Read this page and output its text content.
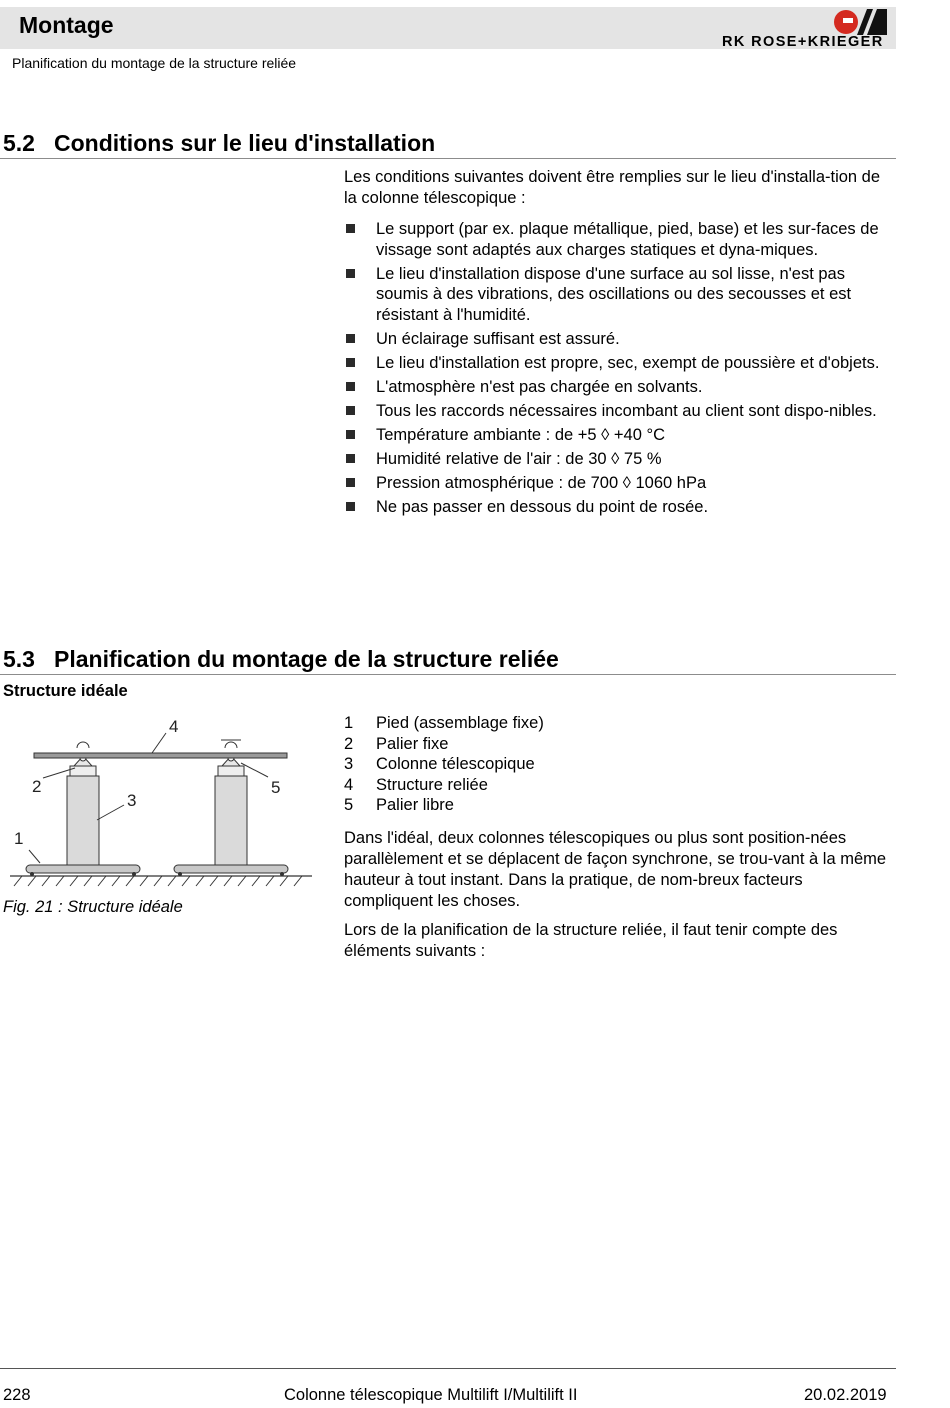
Montage
Planification du montage de la structure reliée
RK ROSE+KRIEGER
5.2 Conditions sur le lieu d'installation
Les conditions suivantes doivent être remplies sur le lieu d'installa-tion de la colonne télescopique :
Le support (par ex. plaque métallique, pied, base) et les sur-faces de vissage sont adaptés aux charges statiques et dyna-miques.
Le lieu d'installation dispose d'une surface au sol lisse, n'est pas soumis à des vibrations, des oscillations ou des secousses et est résistant à l'humidité.
Un éclairage suffisant est assuré.
Le lieu d'installation est propre, sec, exempt de poussière et d'objets.
L'atmosphère n'est pas chargée en solvants.
Tous les raccords nécessaires incombant au client sont dispo-nibles.
Température ambiante : de +5 ◊ +40 °C
Humidité relative de l'air : de 30 ◊ 75 %
Pression atmosphérique : de 700 ◊ 1060 hPa
Ne pas passer en dessous du point de rosée.
5.3 Planification du montage de la structure reliée
Structure idéale
1
2
3
4
5
Fig. 21 : Structure idéale
1	Pied (assemblage fixe)
2	Palier fixe
3	Colonne télescopique
4	Structure reliée
5	Palier libre
Dans l'idéal, deux colonnes télescopiques ou plus sont position-nées parallèlement et se déplacent de façon synchrone, se trou-vant à la même hauteur à tout instant. Dans la pratique, de nom-breux facteurs compliquent les choses.
Lors de la planification de la structure reliée, il faut tenir compte des éléments suivants :
228	Colonne télescopique Multilift I/Multilift II	20.02.2019
